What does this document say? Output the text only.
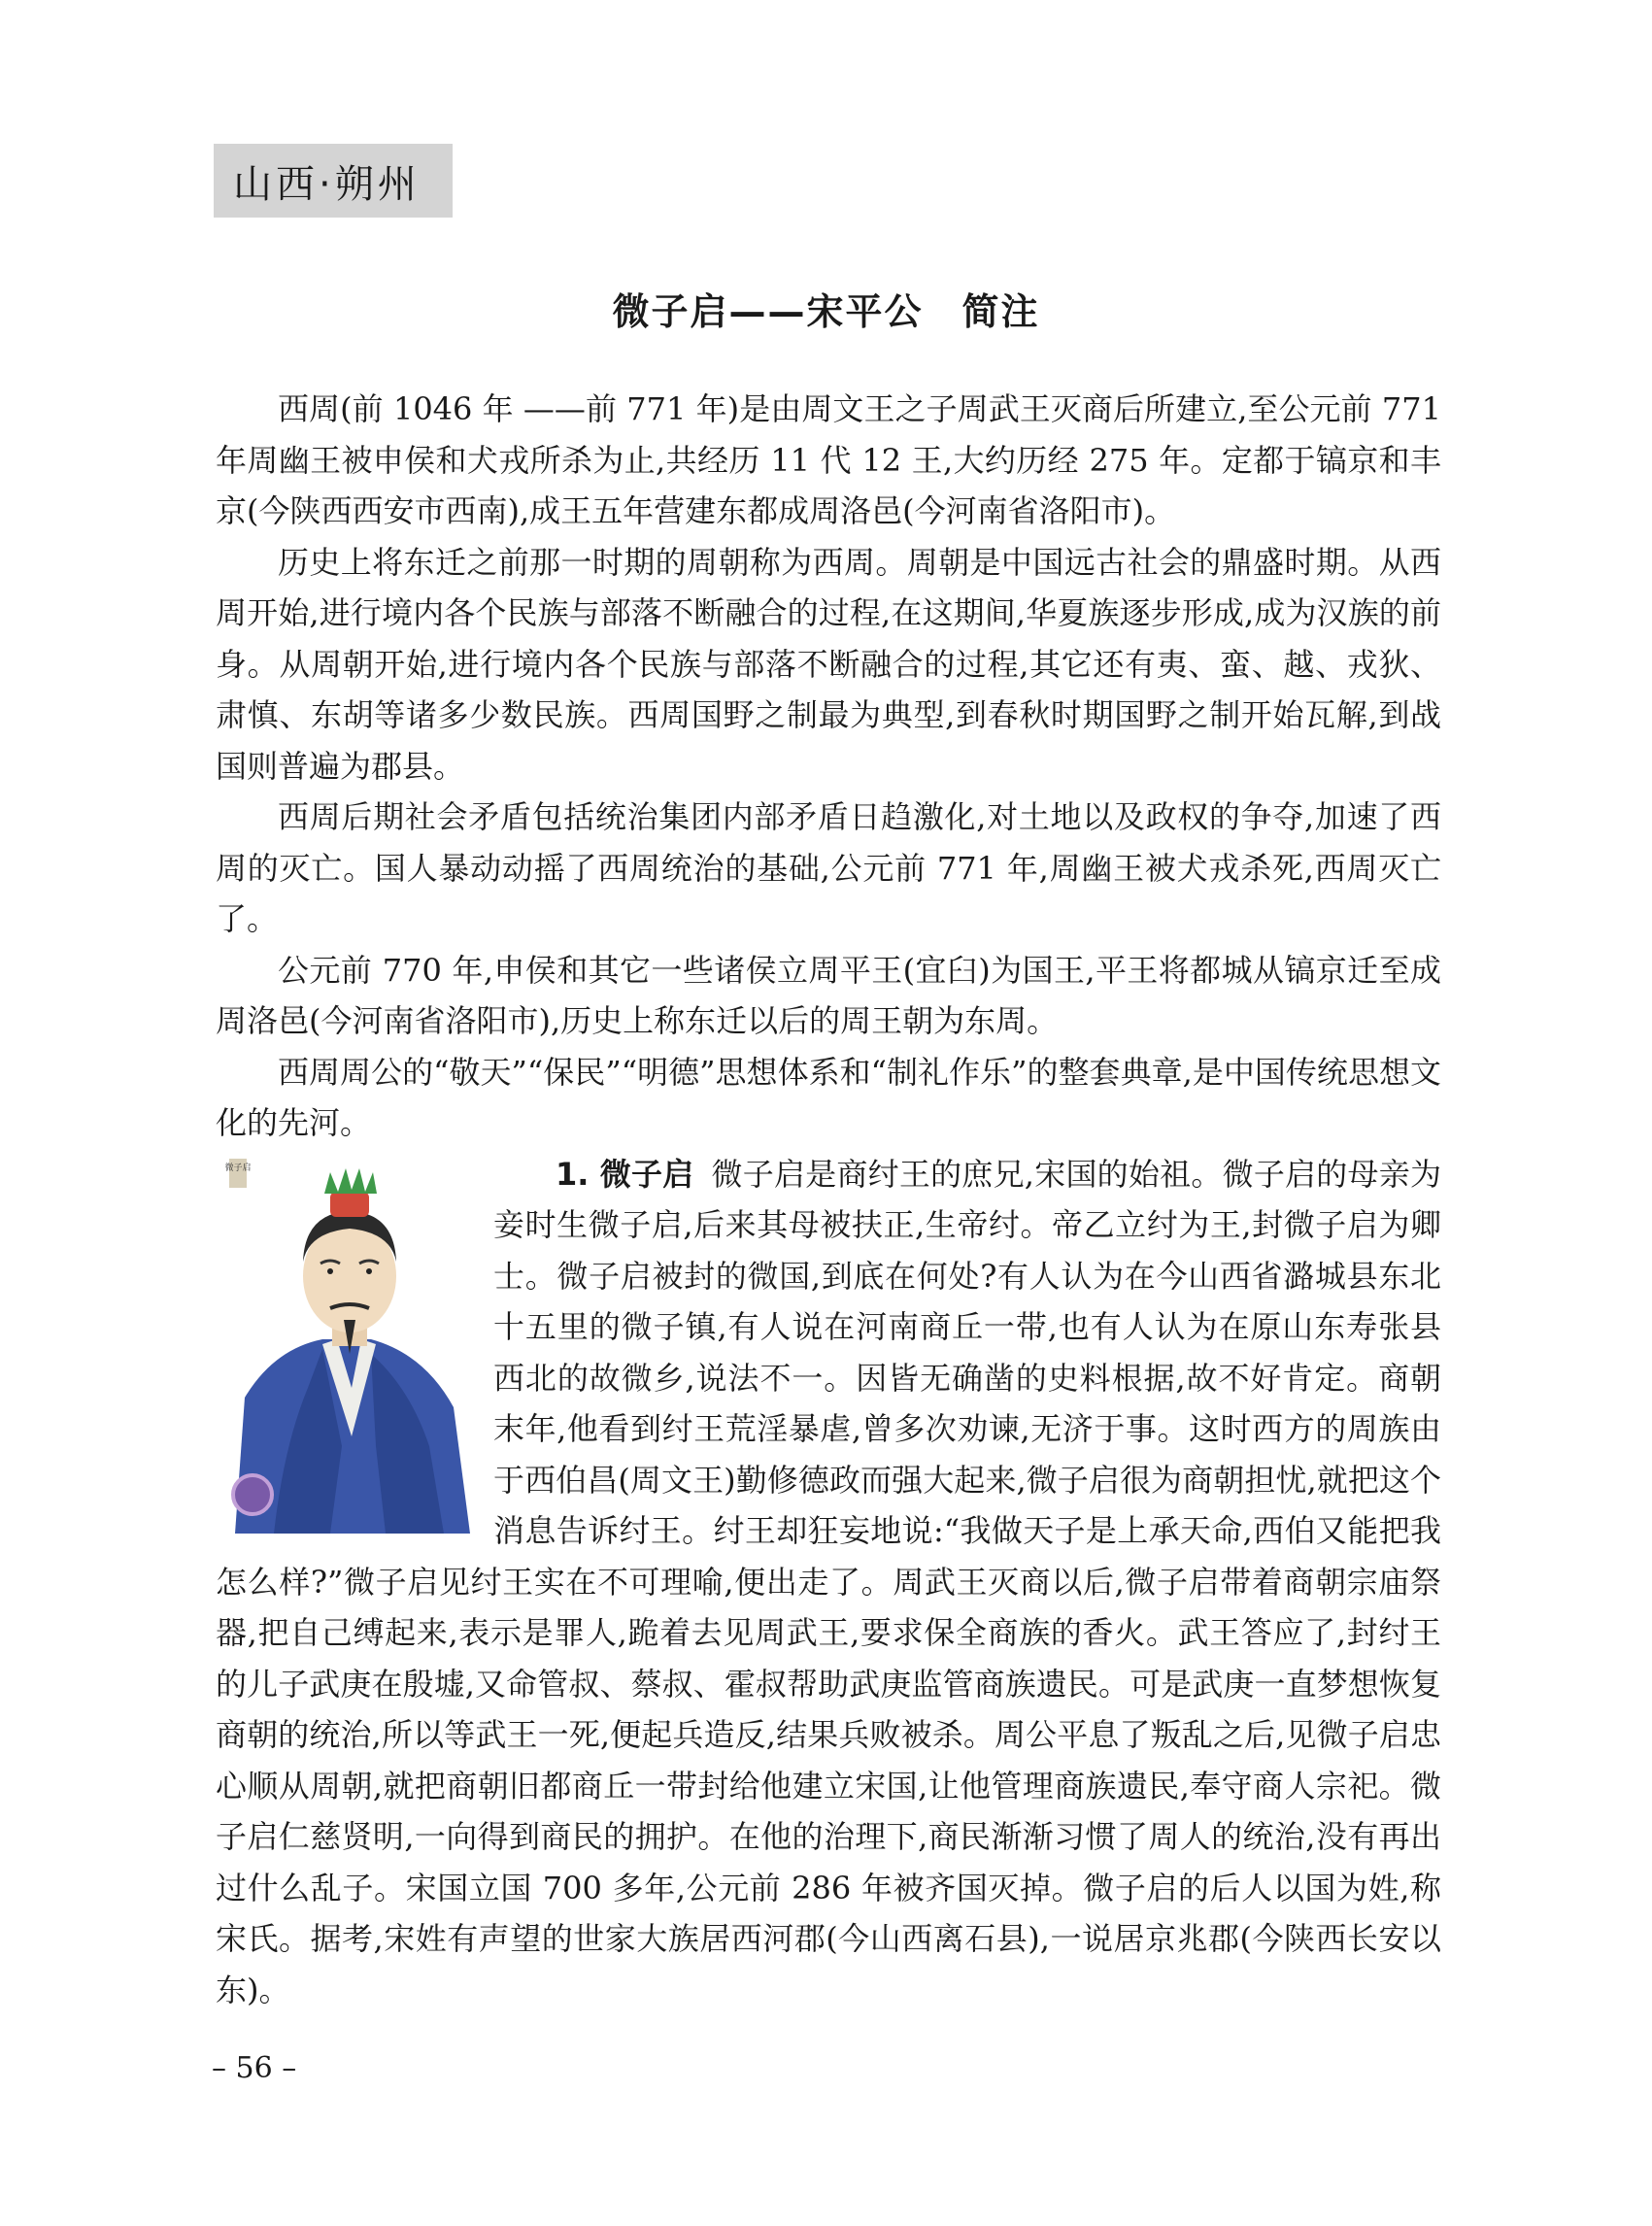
山西·朔州
微子启——宋平公　简注

西周(前 1046 年 ——前 771 年)是由周文王之子周武王灭商后所建立,至公元前 771 年周幽王被申侯和犬戎所杀为止,共经历 11 代 12 王,大约历经 275 年。定都于镐京和丰京(今陕西西安市西南),成王五年营建东都成周洛邑(今河南省洛阳市)。

历史上将东迁之前那一时期的周朝称为西周。周朝是中国远古社会的鼎盛时期。从西周开始,进行境内各个民族与部落不断融合的过程,在这期间,华夏族逐步形成,成为汉族的前身。从周朝开始,进行境内各个民族与部落不断融合的过程,其它还有夷、蛮、越、戎狄、肃慎、东胡等诸多少数民族。西周国野之制最为典型,到春秋时期国野之制开始瓦解,到战国则普遍为郡县。

西周后期社会矛盾包括统治集团内部矛盾日趋激化,对土地以及政权的争夺,加速了西周的灭亡。国人暴动动摇了西周统治的基础,公元前 771 年,周幽王被犬戎杀死,西周灭亡了。

公元前 770 年,申侯和其它一些诸侯立周平王(宜臼)为国王,平王将都城从镐京迁至成周洛邑(今河南省洛阳市),历史上称东迁以后的周王朝为东周。

西周周公的“敬天”“保民”“明德”思想体系和“制礼作乐”的整套典章,是中国传统思想文化的先河。

微子启	1. 微子启 微子启是商纣王的庶兄,宋国的始祖。微子启的母亲为妾时生微子启,后来其母被扶正,生帝纣。帝乙立纣为王,封微子启为卿士。微子启被封的微国,到底在何处?有人认为在今山西省潞城县东北十五里的微子镇,有人说在河南商丘一带,也有人认为在原山东寿张县西北的故微乡,说法不一。因皆无确凿的史料根据,故不好肯定。商朝末年,他看到纣王荒淫暴虐,曾多次劝谏,无济于事。这时西方的周族由于西伯昌(周文王)勤修德政而强大起来,微子启很为商朝担忧,就把这个消息告诉纣王。纣王却狂妄地说:“我做天子是上承天命,西伯又能把我怎么样?”微子启见纣王实在不可理喻,便出走了。周武王灭商以后,微子启带着商朝宗庙祭器,把自己缚起来,表示是罪人,跪着去见周武王,要求保全商族的香火。武王答应了,封纣王的儿子武庚在殷墟,又命管叔、蔡叔、霍叔帮助武庚监管商族遗民。可是武庚一直梦想恢复商朝的统治,所以等武王一死,便起兵造反,结果兵败被杀。周公平息了叛乱之后,见微子启忠心顺从周朝,就把商朝旧都商丘一带封给他建立宋国,让他管理商族遗民,奉守商人宗祀。微子启仁慈贤明,一向得到商民的拥护。在他的治理下,商民渐渐习惯了周人的统治,没有再出过什么乱子。宋国立国 700 多年,公元前 286 年被齐国灭掉。微子启的后人以国为姓,称宋氏。据考,宋姓有声望的世家大族居西河郡(今山西离石县),一说居京兆郡(今陕西长安以东)。

– 56 –
